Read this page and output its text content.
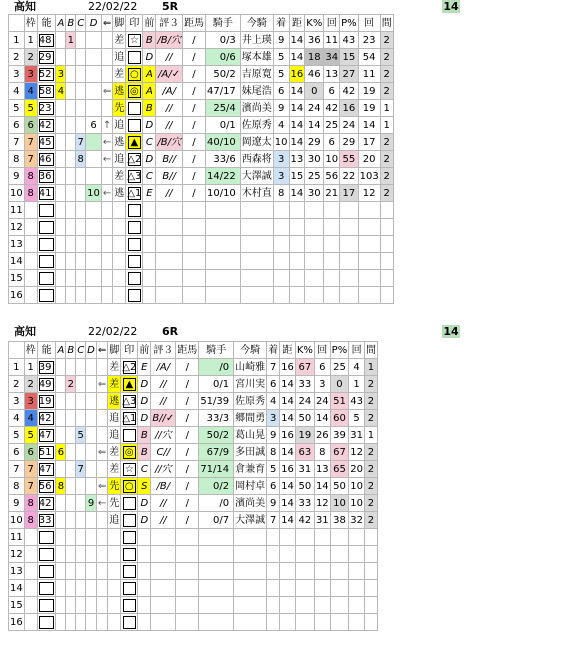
高知	22/02/22 5R	14
	枠	能	A	B	C	D	⇐	脚	印	前	評３	距馬	騎手	今騎	着	距	K%	回	P%	回	間
1	1	48		1				差	☆	B	/B/穴	/	0/3	井上瑛	9	14	36	11	43	23	2
2	2	29						追		D	//	/	0/6	塚本雄	5	14	18	34	15	54	2
3	3	52	3					差	○	A	/A/✓	/	50/2	吉原寛	5	16	46	13	27	11	2
4	4	58	4				⇐	逃	◎	A	/A/	/	47/17	妹尾浩	6	14	0	6	42	19	2
5	5	23						先		B	//	/	25/4	濱尚美	9	14	24	42	16	19	1
6	6	42				6	↑	追		D	//	/	0/1	佐原秀	4	14	14	25	24	14	1
7	7	45			7		←	逃	▲	C	/B/穴	/	40/10	岡遼太	10	14	29	6	29	17	2
8	7	46			8		←	追	△2	D	B//	/	33/6	西森将	3	13	30	10	55	20	2
9	8	36						差	△3	C	B//	/	14/22	大澤誠	3	15	25	56	22	103	2
10	8	41				10	←	逃	△1	E	//	/	10/10	木村直	8	14	30	21	17	12	2
11																					
12																					
13																					
14																					
15																					
16																					
高知	22/02/22 6R	14
	枠	能	A	B	C	D	⇐	脚	印	前	評３	距馬	騎手	今騎	着	距	K%	回	P%	回	間
1	1	39						差	△2	E	/A/	/	/0	山崎雅	7	16	67	6	25	4	1
2	2	49		2			⇐	差	▲	D	//	/	0/1	宮川実	6	14	33	3	0	1	2
3	3	19						逃	△3	D	//	/	51/39	佐原秀	4	14	24	24	51	43	2
4	4	42						追	△1	D	B//✓	/	33/3	郷間勇	3	14	50	14	60	5	2
5	5	47			5			追		B	//穴	/	50/2	葛山晃	9	16	19	26	39	31	1
6	6	51	6				⇐	差	◎	B	C//	/	67/9	多田誠	8	14	63	8	67	12	2
7	7	47			7			差	☆	C	//穴	/	71/14	倉兼育	5	16	31	13	65	20	2
8	7	56	8				⇐	先	○	S	/B/	/	0/2	岡村卓	6	14	50	14	50	10	2
9	8	42				9	←	先		D	//	/	/0	濱尚美	9	14	33	12	10	10	2
10	8	33						追		D	//	/	0/7	大澤誠	7	14	42	31	38	32	2
11																					
12																					
13																					
14																					
15																					
16																					
